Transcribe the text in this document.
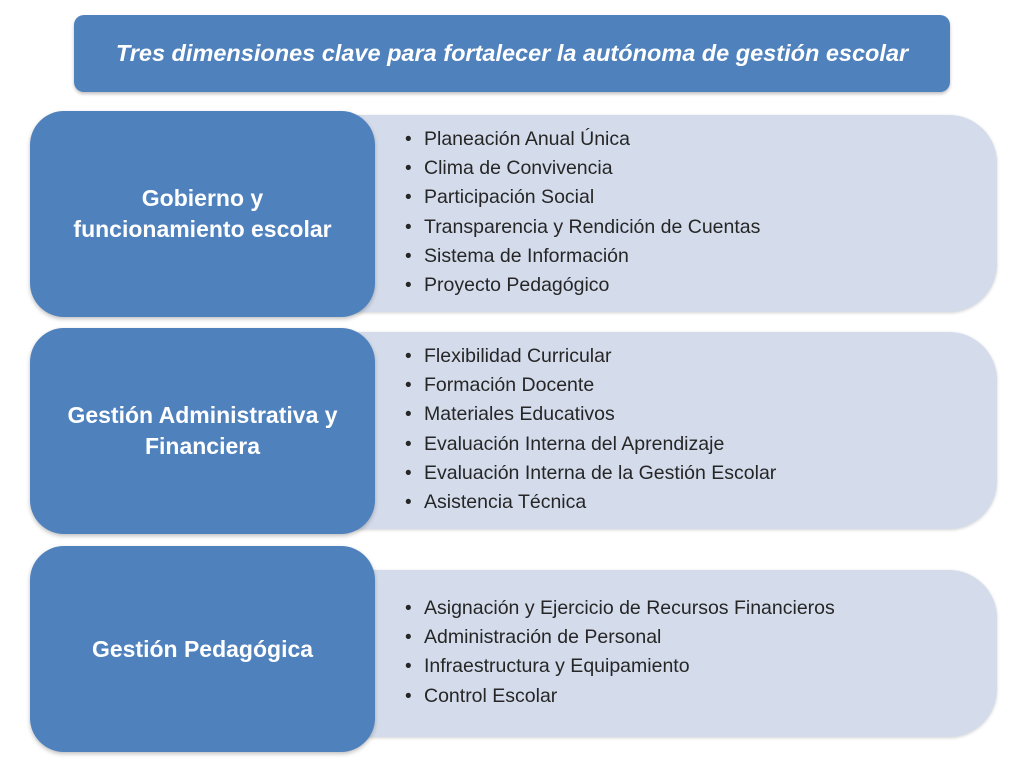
Tres dimensiones clave para fortalecer la autónoma de gestión escolar
Gobierno y
funcionamiento escolar
• Planeación Anual Única
• Clima de Convivencia
• Participación Social
• Transparencia y Rendición de Cuentas
• Sistema de Información
• Proyecto Pedagógico
Gestión Administrativa y
Financiera
• Flexibilidad Curricular
• Formación Docente
• Materiales Educativos
• Evaluación Interna del Aprendizaje
• Evaluación Interna de la Gestión Escolar
• Asistencia Técnica
Gestión Pedagógica
• Asignación y Ejercicio de Recursos Financieros
• Administración de Personal
• Infraestructura y Equipamiento
• Control Escolar
